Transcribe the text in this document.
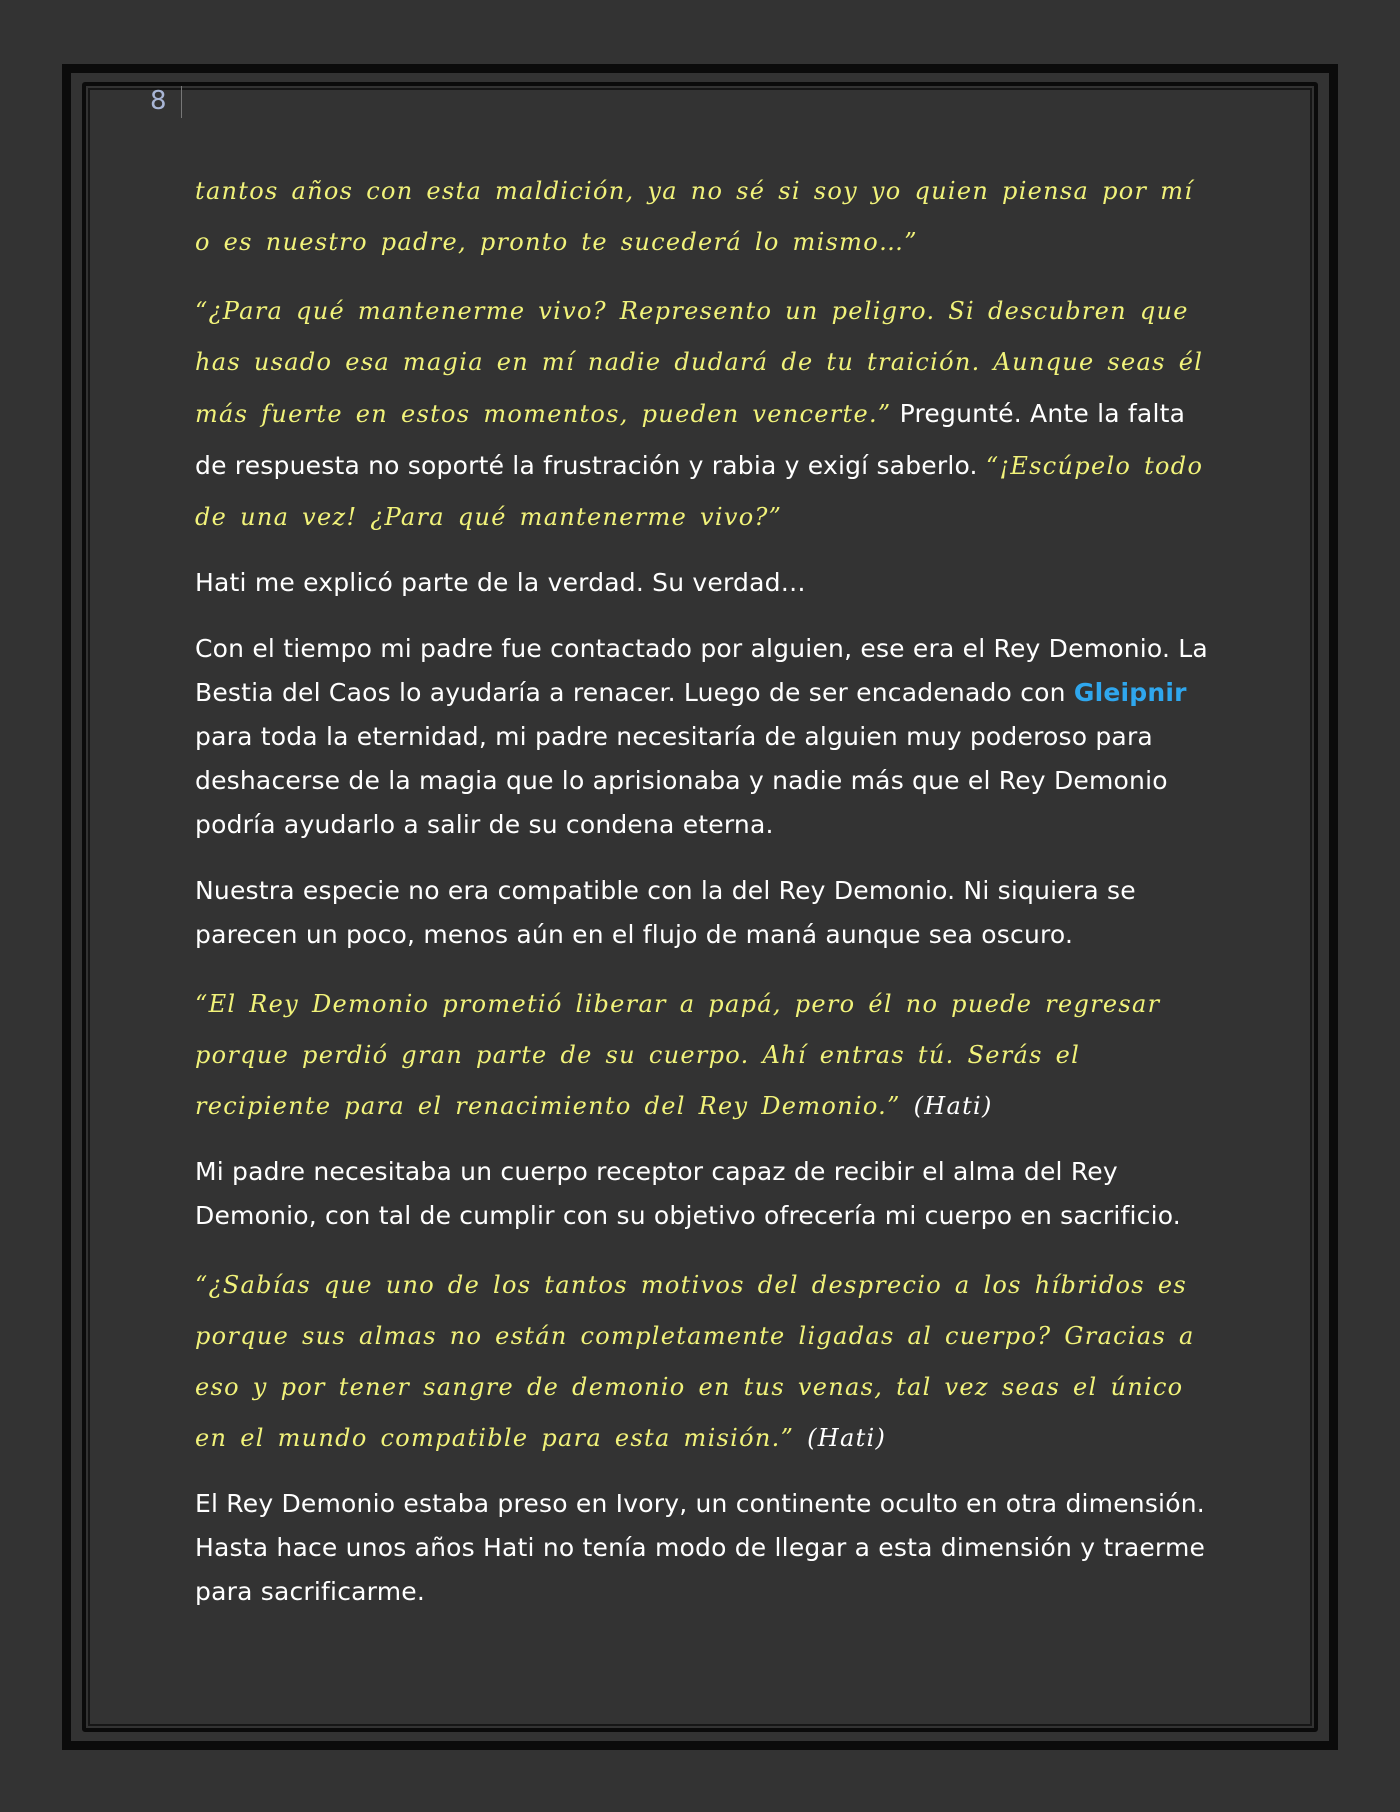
8

tantos años con esta maldición, ya no sé si soy yo quien piensa por mí o es nuestro padre, pronto te sucederá lo mismo…”

“¿Para qué mantenerme vivo? Represento un peligro. Si descubren que has usado esa magia en mí nadie dudará de tu traición. Aunque seas él más fuerte en estos momentos, pueden vencerte.” Pregunté. Ante la falta de respuesta no soporté la frustración y rabia y exigí saberlo. “¡Escúpelo todo de una vez! ¿Para qué mantenerme vivo?”

Hati me explicó parte de la verdad. Su verdad…

Con el tiempo mi padre fue contactado por alguien, ese era el Rey Demonio. La Bestia del Caos lo ayudaría a renacer. Luego de ser encadenado con Gleipnir para toda la eternidad, mi padre necesitaría de alguien muy poderoso para deshacerse de la magia que lo aprisionaba y nadie más que el Rey Demonio podría ayudarlo a salir de su condena eterna.

Nuestra especie no era compatible con la del Rey Demonio. Ni siquiera se parecen un poco, menos aún en el flujo de maná aunque sea oscuro.

“El Rey Demonio prometió liberar a papá, pero él no puede regresar porque perdió gran parte de su cuerpo. Ahí entras tú. Serás el recipiente para el renacimiento del Rey Demonio.” (Hati)

Mi padre necesitaba un cuerpo receptor capaz de recibir el alma del Rey Demonio, con tal de cumplir con su objetivo ofrecería mi cuerpo en sacrificio.

“¿Sabías que uno de los tantos motivos del desprecio a los híbridos es porque sus almas no están completamente ligadas al cuerpo? Gracias a eso y por tener sangre de demonio en tus venas, tal vez seas el único en el mundo compatible para esta misión.” (Hati)

El Rey Demonio estaba preso en Ivory, un continente oculto en otra dimensión. Hasta hace unos años Hati no tenía modo de llegar a esta dimensión y traerme para sacrificarme.
